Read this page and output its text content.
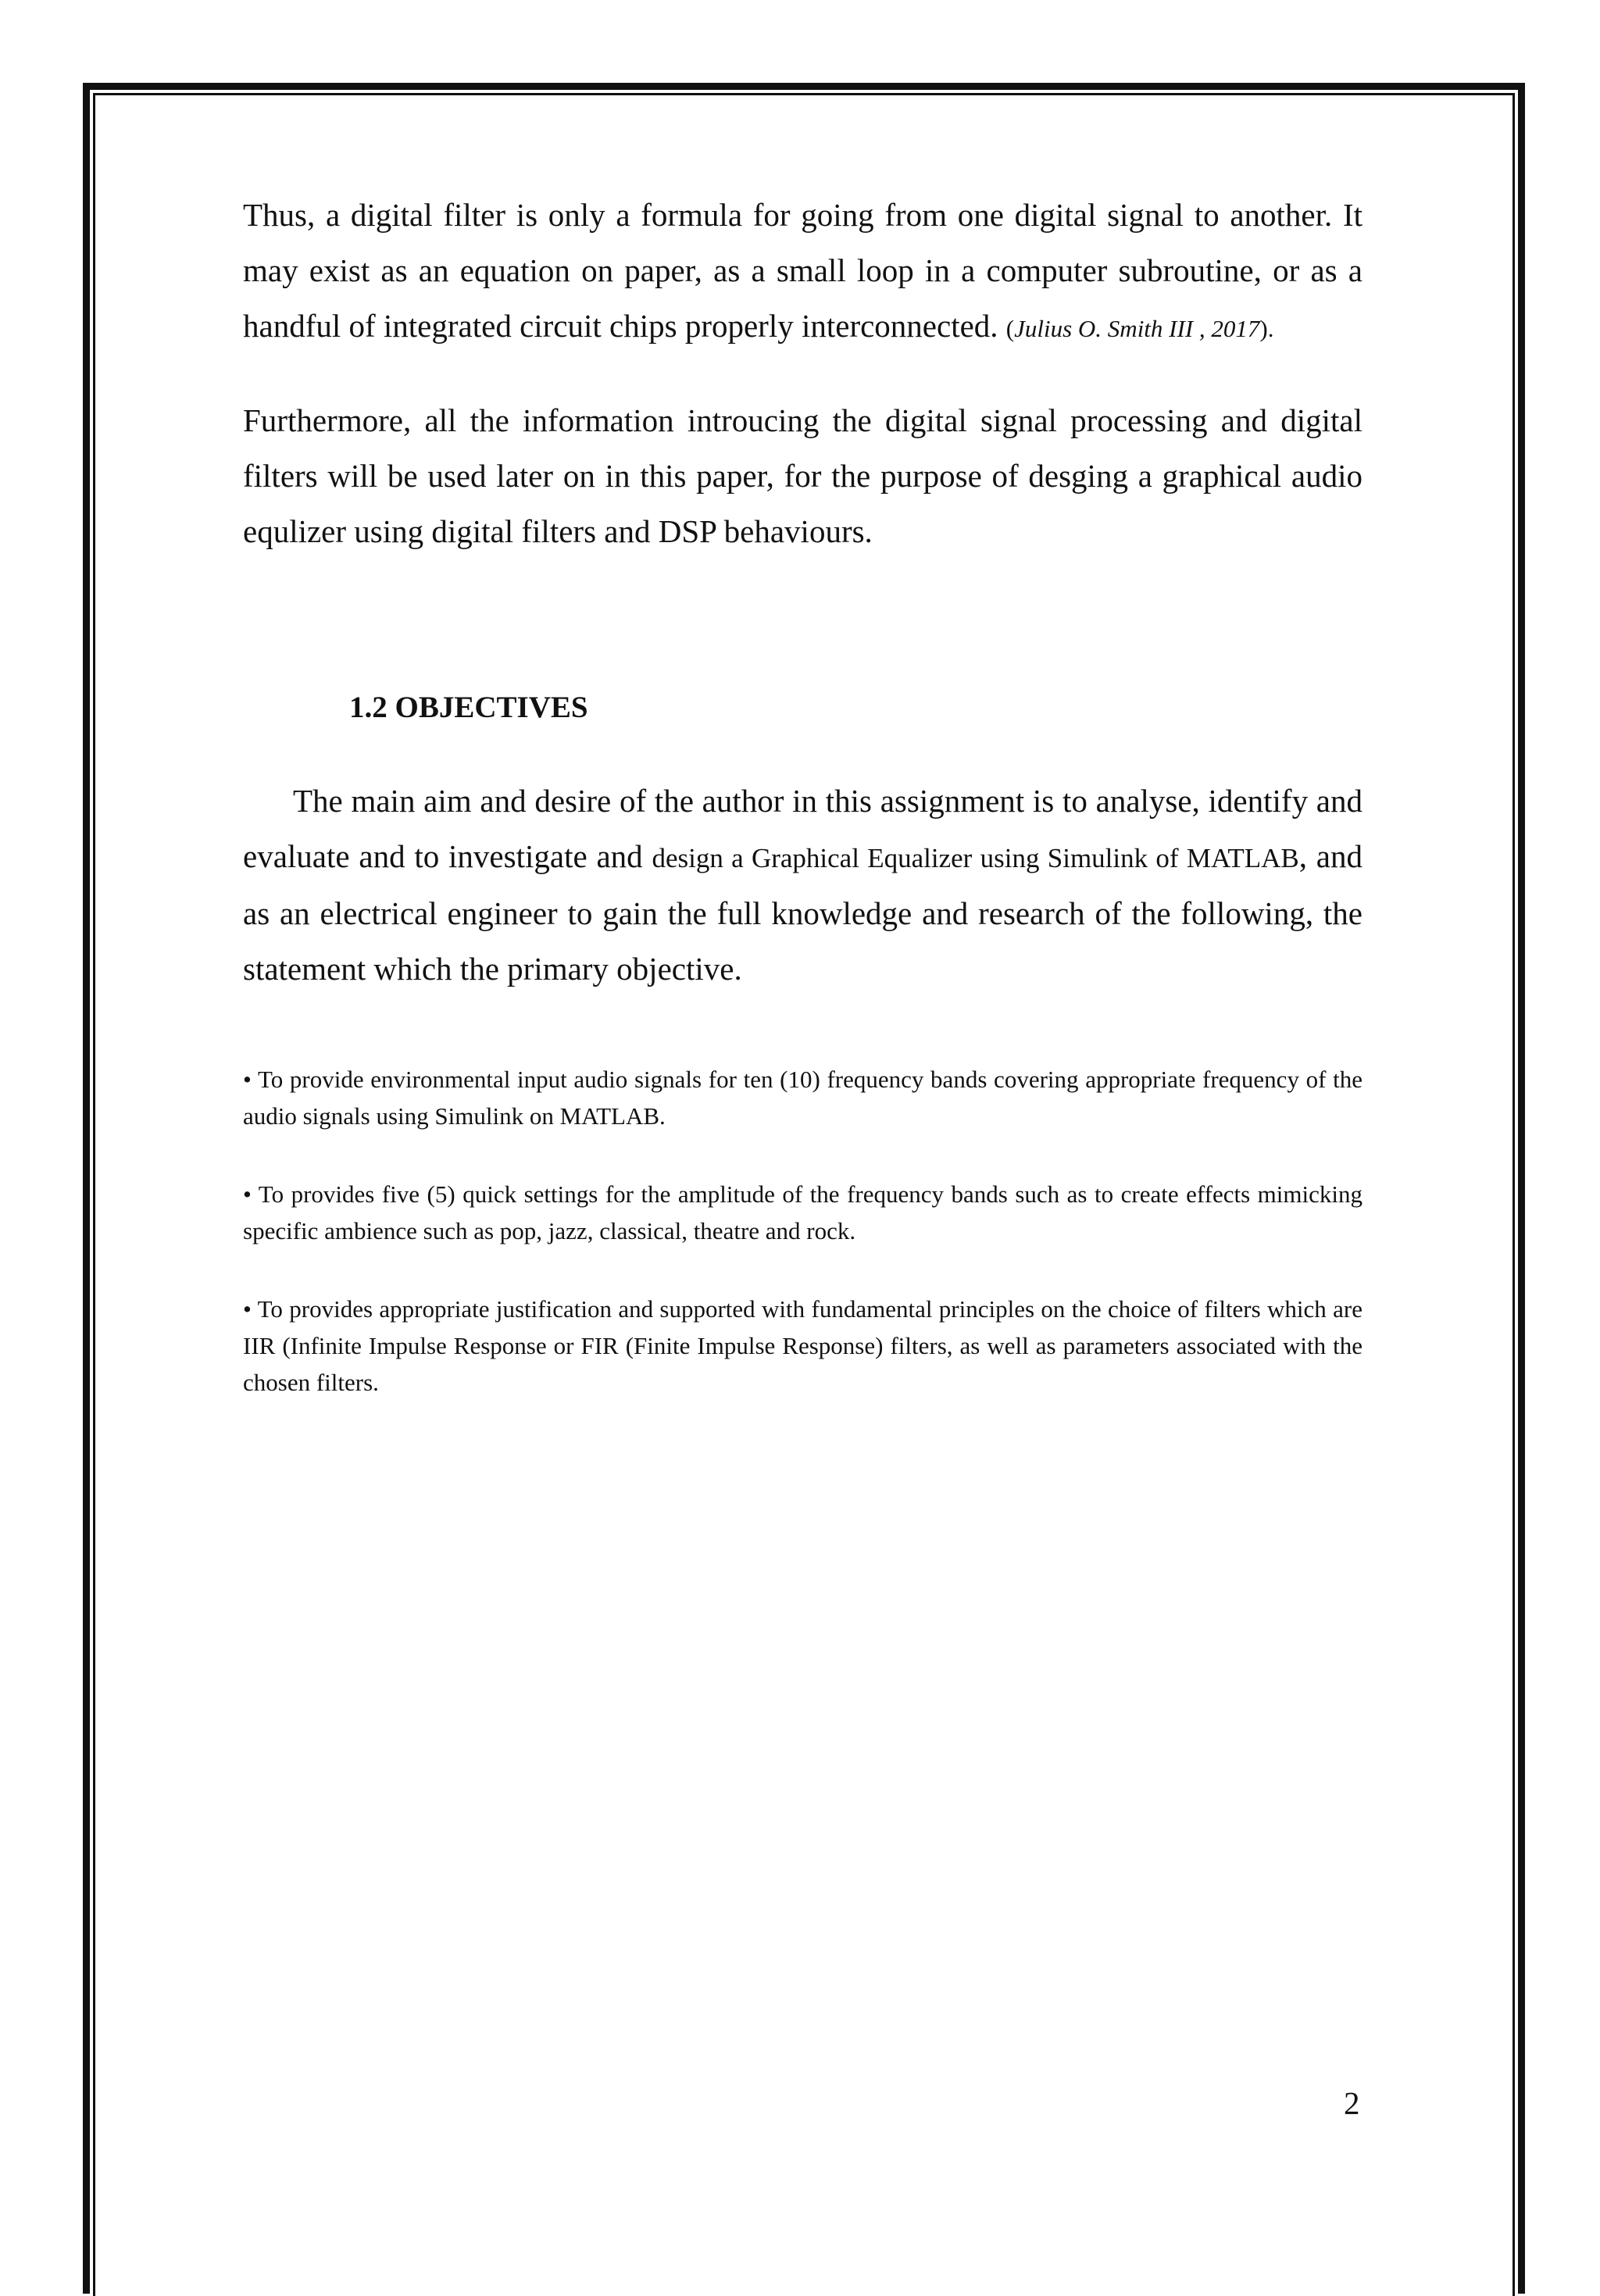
Thus, a digital filter is only a formula for going from one digital signal to another. It may exist as an equation on paper, as a small loop in a computer subroutine, or as a handful of integrated circuit chips properly interconnected. (Julius O. Smith III , 2017).

Furthermore, all the information introucing the digital signal processing and digital filters will be used later on in this paper, for the purpose of desging a graphical audio equlizer using digital filters and DSP behaviours.

1.2 OBJECTIVES

The main aim and desire of the author in this assignment is to analyse, identify and evaluate and to investigate and design a Graphical Equalizer using Simulink of MATLAB, and as an electrical engineer to gain the full knowledge and research of the following, the statement which the primary objective.

• To provide environmental input audio signals for ten (10) frequency bands covering appropriate frequency of the audio signals using Simulink on MATLAB.

• To provides five (5) quick settings for the amplitude of the frequency bands such as to create effects mimicking specific ambience such as pop, jazz, classical, theatre and rock.

• To provides appropriate justification and supported with fundamental principles on the choice of filters which are IIR (Infinite Impulse Response or FIR (Finite Impulse Response) filters, as well as parameters associated with the chosen filters.

2
